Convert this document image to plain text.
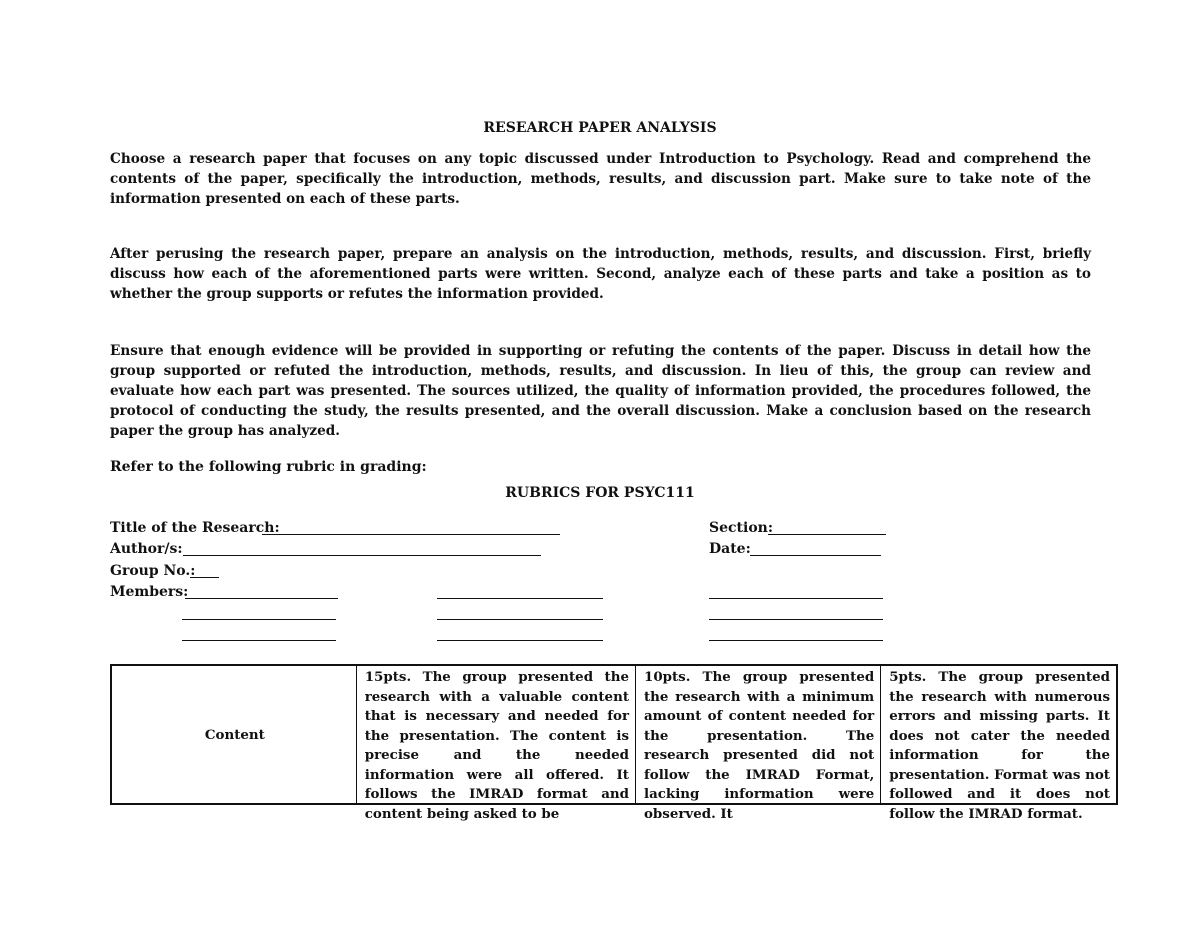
RESEARCH PAPER ANALYSIS

Choose a research paper that focuses on any topic discussed under Introduction to Psychology. Read and comprehend the contents of the paper, specifically the introduction, methods, results, and discussion part. Make sure to take note of the information presented on each of these parts.

After perusing the research paper, prepare an analysis on the introduction, methods, results, and discussion. First, briefly discuss how each of the aforementioned parts were written. Second, analyze each of these parts and take a position as to whether the group supports or refutes the information provided.

Ensure that enough evidence will be provided in supporting or refuting the contents of the paper. Discuss in detail how the group supported or refuted the introduction, methods, results, and discussion. In lieu of this, the group can review and evaluate how each part was presented. The sources utilized, the quality of information provided, the procedures followed, the protocol of conducting the study, the results presented, and the overall discussion. Make a conclusion based on the research paper the group has analyzed.

Refer to the following rubric in grading:
RUBRICS FOR PSYC111
Title of the Research:
Author/s:
Group No.:
Members:
Section:
Date:
Content	
15pts. The group presented the research with a valuable content that is necessary and needed for the presentation. The content is precise and the needed information were all offered. It follows the IMRAD format and content being asked to be

10pts. The group presented the research with a minimum amount of content needed for the presentation. The research presented did not follow the IMRAD Format, lacking information were observed. It

5pts. The group presented the research with numerous errors and missing parts. It does not cater the needed information for the presentation. Format was not followed and it does not follow the IMRAD format.
